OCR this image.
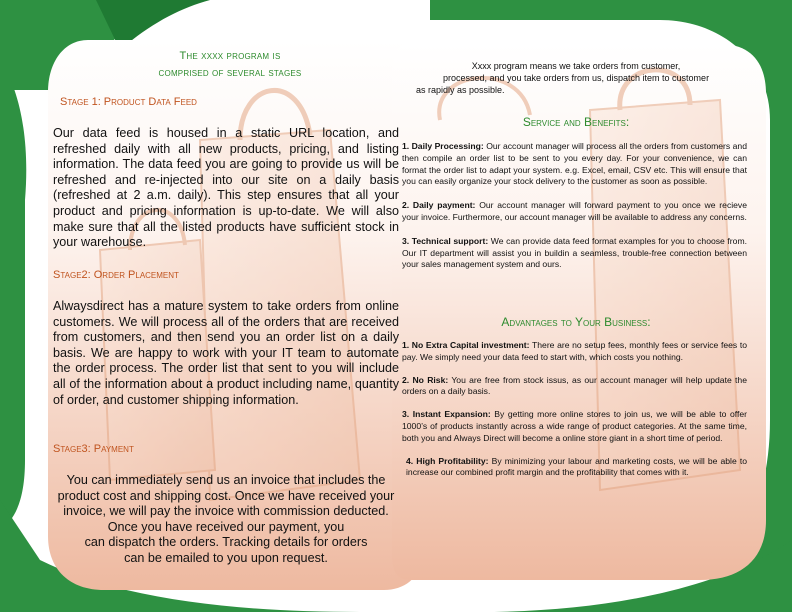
The xxxx program is
comprised of several stages
Stage 1: Product Data Feed

Our data feed is housed in a static URL location, and refreshed daily with all new products, pricing, and listing information. The data feed you are going to provide us will be refreshed and re-injected into our site on a daily basis (refreshed at 2 a.m. daily). This step ensures that all your product and pricing information is up-to-date. We will also make sure that all the listed products have sufficient stock in your warehouse.

Stage2: Order Placement

Alwaysdirect has a mature system to take orders from online customers. We will process all of the orders that are received from customers, and then send you an order list on a daily basis. We are happy to work with your IT team to automate the order process. The order list that sent to you will include all of the information about a product including name, quantity of order, and customer shipping information.

Stage3: Payment

You can immediately send us an invoice that includes the product cost and shipping cost. Once we have received your invoice, we will pay the invoice with commission deducted. Once you have received our payment, you

can dispatch the orders. Tracking details for orders

can be emailed to you upon request.

Xxxx program means we take orders from customer,

processed, and you take orders from us, dispatch item to customer

as rapidly as possible.

Service and Benefits:

1. Daily Processing: Our account manager will process all the orders from customers and then compile an order list to be sent to you every day. For your convenience, we can format the order list to adapt your system. e.g. Excel, email, CSV etc. This will ensure that you can easily organize your stock delivery to the customer as soon as possible.

2. Daily payment: Our account manager will forward payment to you once we recieve your invoice. Furthermore, our account manager will be available to address any concerns.

3. Technical support: We can provide data feed format examples for you to choose from. Our IT department will assist you in buildin a seamless, trouble-free connection between your sales management system and ours.

Advantages to Your Business:

1. No Extra Capital investment: There are no setup fees, monthly fees or service fees to pay. We simply need your data feed to start with, which costs you nothing.

2. No Risk: You are free from stock issus, as our account manager will help update the orders on a daily basis.

3. Instant Expansion: By getting more online stores to join us, we will be able to offer 1000’s of products instantly across a wide range of product categories. At the same time, both you and Always Direct will become a online store giant in a short time of period.

4. High Profitability: By minimizing your labour and marketing costs, we will be able to increase our combined profit margin and the profitability that comes with it.
